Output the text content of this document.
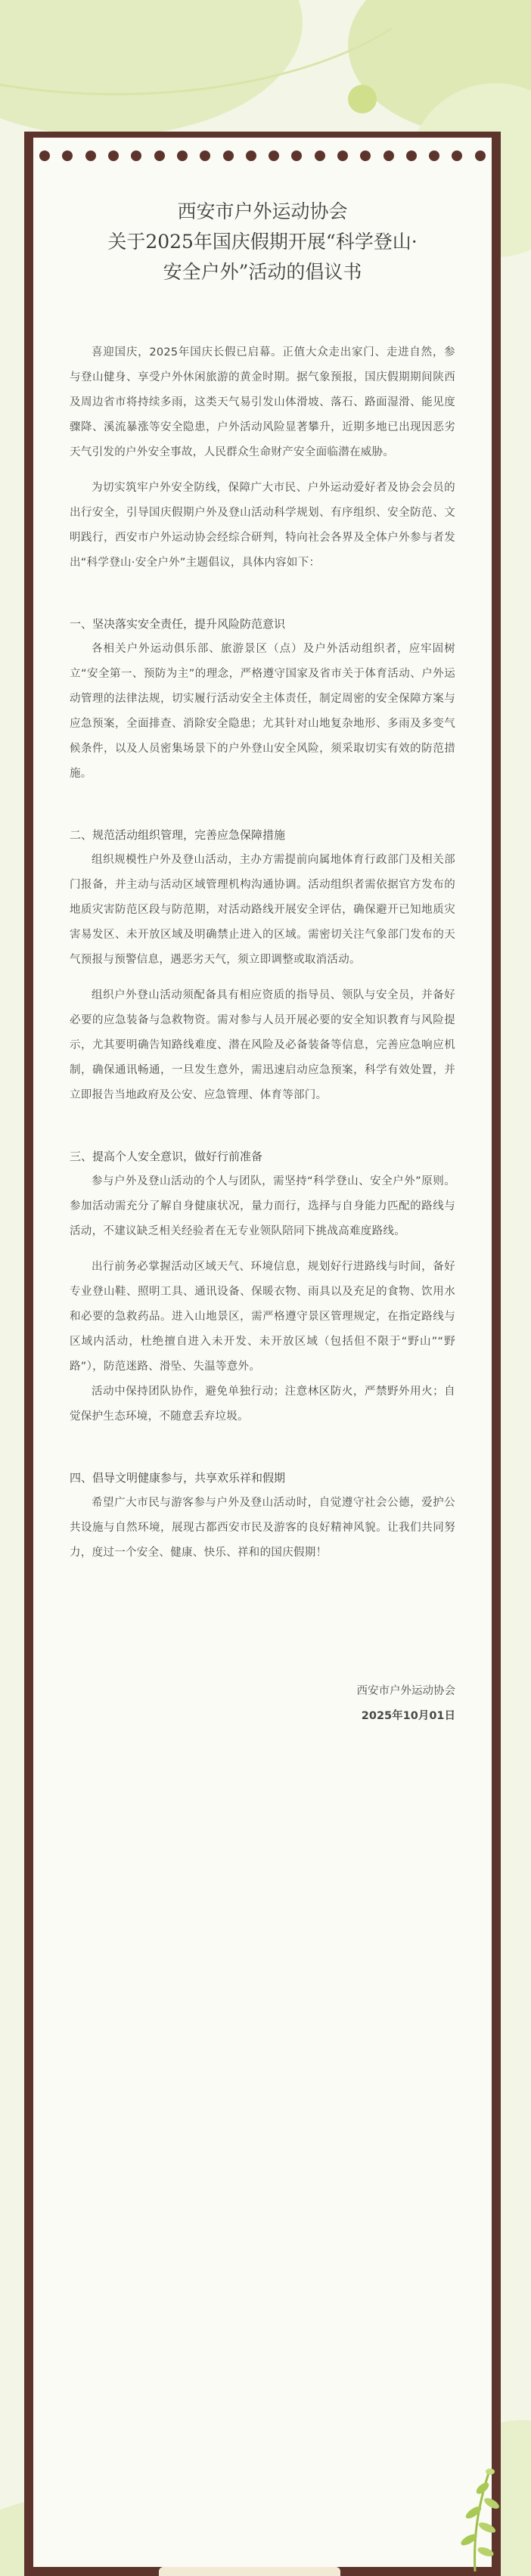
西安市户外运动协会
关于2025年国庆假期开展“科学登山·
安全户外”活动的倡议书

喜迎国庆，2025年国庆长假已启幕。正值大众走出家门、走进自然，参与登山健身、享受户外休闲旅游的黄金时期。据气象预报，国庆假期期间陕西及周边省市将持续多雨，这类天气易引发山体滑坡、落石、路面湿滑、能见度骤降、溪流暴涨等安全隐患，户外活动风险显著攀升，近期多地已出现因恶劣天气引发的户外安全事故，人民群众生命财产安全面临潜在威胁。

为切实筑牢户外安全防线，保障广大市民、户外运动爱好者及协会会员的出行安全，引导国庆假期户外及登山活动科学规划、有序组织、安全防范、文明践行，西安市户外运动协会经综合研判，特向社会各界及全体户外参与者发出“科学登山·安全户外”主题倡议，具体内容如下：

一、坚决落实安全责任，提升风险防范意识

各相关户外运动俱乐部、旅游景区（点）及户外活动组织者，应牢固树立“安全第一、预防为主”的理念，严格遵守国家及省市关于体育活动、户外运动管理的法律法规，切实履行活动安全主体责任，制定周密的安全保障方案与应急预案，全面排查、消除安全隐患；尤其针对山地复杂地形、多雨及多变气候条件，以及人员密集场景下的户外登山安全风险，须采取切实有效的防范措施。

二、规范活动组织管理，完善应急保障措施

组织规模性户外及登山活动，主办方需提前向属地体育行政部门及相关部门报备，并主动与活动区域管理机构沟通协调。活动组织者需依据官方发布的地质灾害防范区段与防范期，对活动路线开展安全评估，确保避开已知地质灾害易发区、未开放区域及明确禁止进入的区域。需密切关注气象部门发布的天气预报与预警信息，遇恶劣天气，须立即调整或取消活动。

组织户外登山活动须配备具有相应资质的指导员、领队与安全员，并备好必要的应急装备与急救物资。需对参与人员开展必要的安全知识教育与风险提示，尤其要明确告知路线难度、潜在风险及必备装备等信息，完善应急响应机制，确保通讯畅通，一旦发生意外，需迅速启动应急预案，科学有效处置，并立即报告当地政府及公安、应急管理、体育等部门。

三、提高个人安全意识，做好行前准备

参与户外及登山活动的个人与团队，需坚持“科学登山、安全户外”原则。参加活动需充分了解自身健康状况，量力而行，选择与自身能力匹配的路线与活动，不建议缺乏相关经验者在无专业领队陪同下挑战高难度路线。

出行前务必掌握活动区域天气、环境信息，规划好行进路线与时间，备好专业登山鞋、照明工具、通讯设备、保暖衣物、雨具以及充足的食物、饮用水和必要的急救药品。进入山地景区，需严格遵守景区管理规定，在指定路线与区域内活动，杜绝擅自进入未开发、未开放区域（包括但不限于“野山”“野路”），防范迷路、滑坠、失温等意外。

活动中保持团队协作，避免单独行动；注意林区防火，严禁野外用火；自觉保护生态环境，不随意丢弃垃圾。

四、倡导文明健康参与，共享欢乐祥和假期

希望广大市民与游客参与户外及登山活动时，自觉遵守社会公德，爱护公共设施与自然环境，展现古都西安市民及游客的良好精神风貌。让我们共同努力，度过一个安全、健康、快乐、祥和的国庆假期！

西安市户外运动协会
2025年10月01日
